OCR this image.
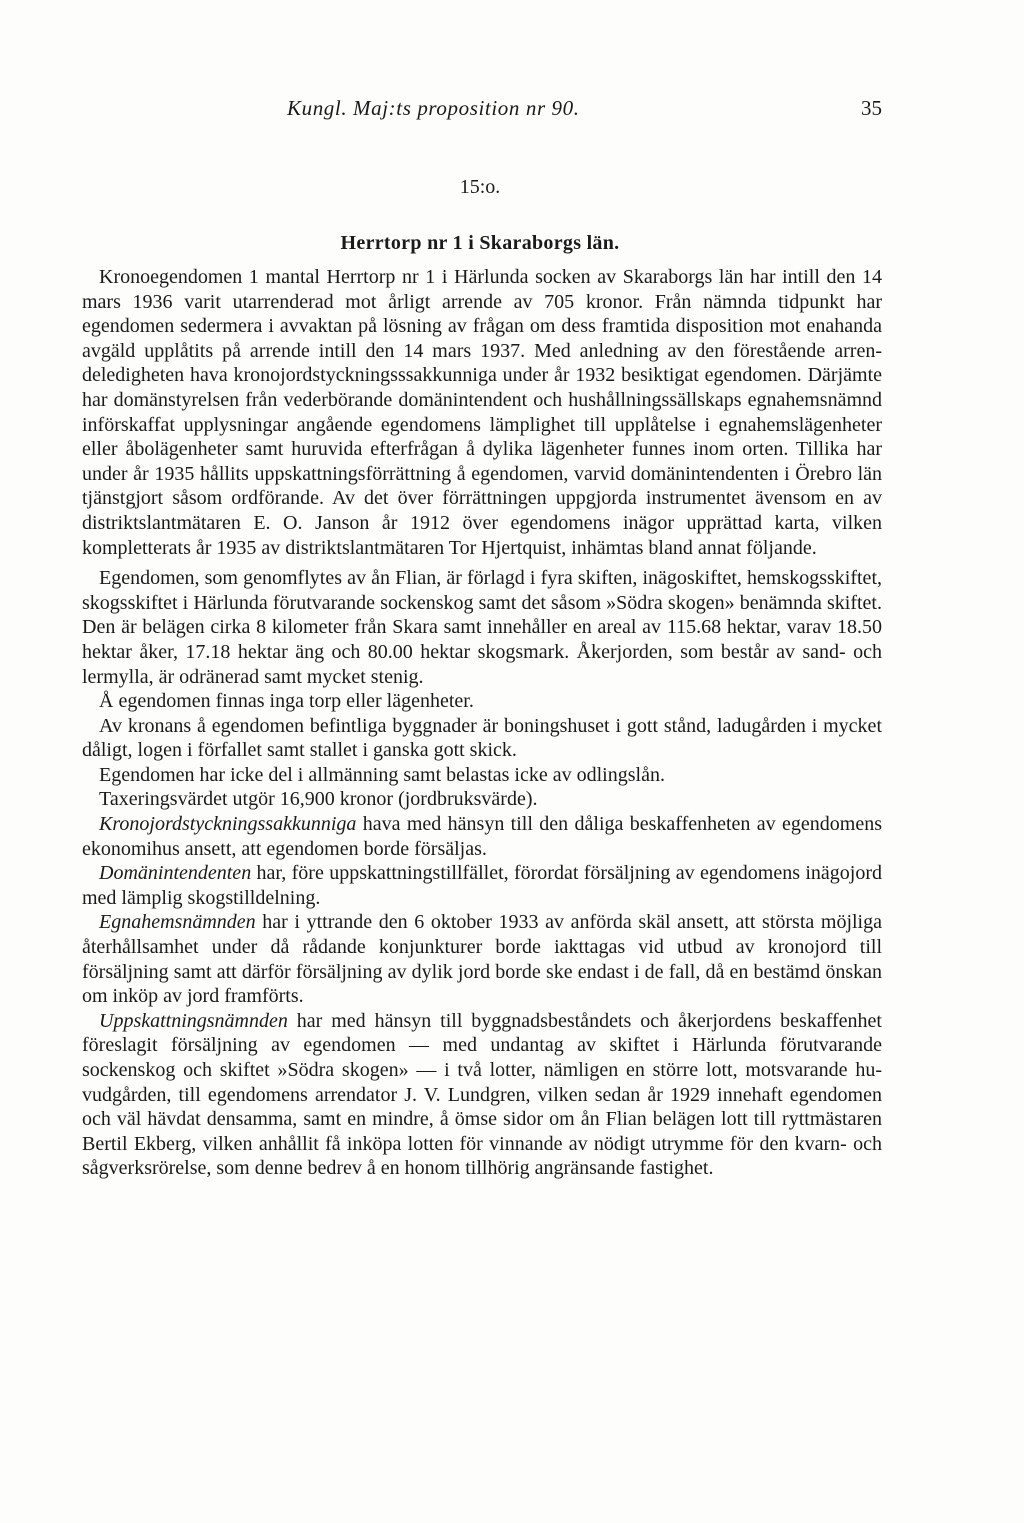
Kungl. Maj:ts proposition nr 90.	35
15:o.
Herrtorp nr 1 i Skaraborgs län.

Kronoegendomen 1 mantal Herrtorp nr 1 i Härlunda socken av Skaraborgs län har intill den 14 mars 1936 varit utarrenderad mot årligt arrende av 705 kronor. Från nämnda tidpunkt har egendomen sedermera i avvaktan på lösning av frågan om dess framtida disposition mot enahanda avgäld upplåtits på arrende intill den 14 mars 1937. Med anledning av den förestående arrendeledigheten hava kronojordstyckningsssakkunniga under år 1932 besiktigat egendomen. Därjämte har domänstyrelsen från vederbörande domänintendent och hushållningssällskaps egnahemsnämnd införskaffat upplysningar angående egendomens lämplighet till upplåtelse i egnahemslägenheter eller åbolägenheter samt huruvida efterfrågan å dylika lägenheter funnes inom orten. Tillika har under år 1935 hållits uppskattningsförrättning å egendomen, varvid domänintendenten i Örebro län tjänstgjort såsom ordförande. Av det över förrättningen uppgjorda instrumentet ävensom en av distriktslantmätaren E. O. Janson år 1912 över egendomens inägor upprättad karta, vilken kompletterats år 1935 av distriktslantmätaren Tor Hjertquist, inhämtas bland annat följande.

Egendomen, som genomflytes av ån Flian, är förlagd i fyra skiften, inägoskiftet, hemskogsskiftet, skogsskiftet i Härlunda förutvarande sockenskog samt det såsom »Södra skogen» benämnda skiftet. Den är belägen cirka 8 kilometer från Skara samt innehåller en areal av 115.68 hektar, varav 18.50 hektar åker, 17.18 hektar äng och 80.00 hektar skogsmark. Åkerjorden, som består av sand- och lermylla, är odränerad samt mycket stenig.

Å egendomen finnas inga torp eller lägenheter.

Av kronans å egendomen befintliga byggnader är boningshuset i gott stånd, ladugården i mycket dåligt, logen i förfallet samt stallet i ganska gott skick.

Egendomen har icke del i allmänning samt belastas icke av odlingslån.

Taxeringsvärdet utgör 16,900 kronor (jordbruksvärde).

Kronojordstyckningssakkunniga hava med hänsyn till den dåliga beskaffenheten av egendomens ekonomihus ansett, att egendomen borde försäljas.

Domänintendenten har, före uppskattningstillfället, förordat försäljning av egendomens inägojord med lämplig skogstilldelning.

Egnahemsnämnden har i yttrande den 6 oktober 1933 av anförda skäl ansett, att största möjliga återhållsamhet under då rådande konjunkturer borde iakttagas vid utbud av kronojord till försäljning samt att därför försäljning av dylik jord borde ske endast i de fall, då en bestämd önskan om inköp av jord framförts.

Uppskattningsnämnden har med hänsyn till byggnadsbeståndets och åkerjordens beskaffenhet föreslagit försäljning av egendomen — med undantag av skiftet i Härlunda förutvarande sockenskog och skiftet »Södra skogen» — i två lotter, nämligen en större lott, motsvarande huvudgården, till egendomens arrendator J. V. Lundgren, vilken sedan år 1929 innehaft egendomen och väl hävdat densamma, samt en mindre, å ömse sidor om ån Flian belägen lott till ryttmästaren Bertil Ekberg, vilken anhållit få inköpa lotten för vinnande av nödigt utrymme för den kvarn- och sågverksrörelse, som denne bedrev å en honom tillhörig angränsande fastighet.
